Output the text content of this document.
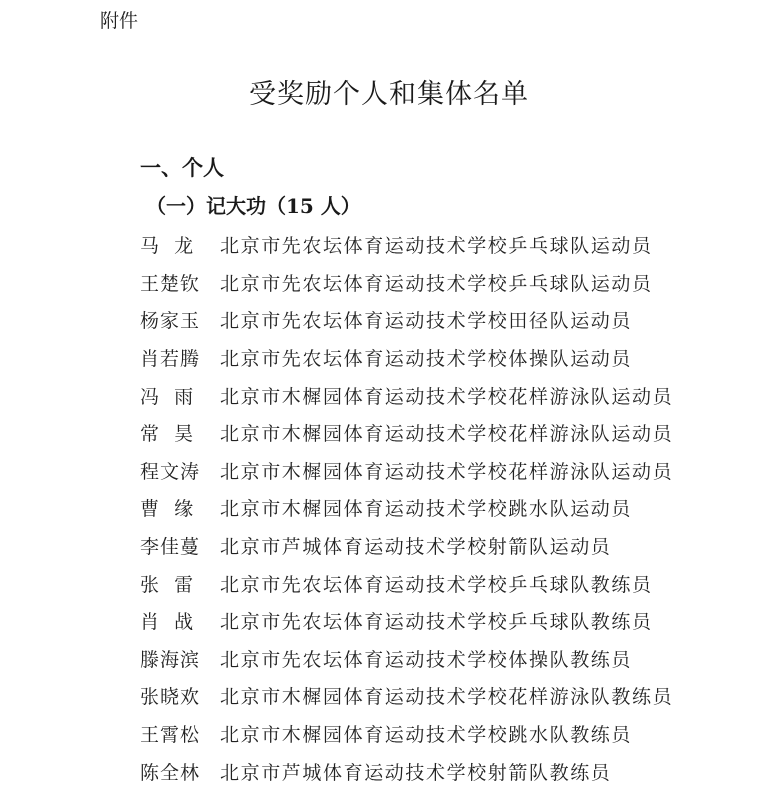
附件
受奖励个人和集体名单
一、个人
（一）记大功（15 人）
马  龙	北京市先农坛体育运动技术学校乒乓球队运动员
王楚钦	北京市先农坛体育运动技术学校乒乓球队运动员
杨家玉	北京市先农坛体育运动技术学校田径队运动员
肖若腾	北京市先农坛体育运动技术学校体操队运动员
冯  雨	北京市木樨园体育运动技术学校花样游泳队运动员
常  昊	北京市木樨园体育运动技术学校花样游泳队运动员
程文涛	北京市木樨园体育运动技术学校花样游泳队运动员
曹  缘	北京市木樨园体育运动技术学校跳水队运动员
李佳蔓	北京市芦城体育运动技术学校射箭队运动员
张  雷	北京市先农坛体育运动技术学校乒乓球队教练员
肖  战	北京市先农坛体育运动技术学校乒乓球队教练员
滕海滨	北京市先农坛体育运动技术学校体操队教练员
张晓欢	北京市木樨园体育运动技术学校花样游泳队教练员
王霄松	北京市木樨园体育运动技术学校跳水队教练员
陈全林	北京市芦城体育运动技术学校射箭队教练员
